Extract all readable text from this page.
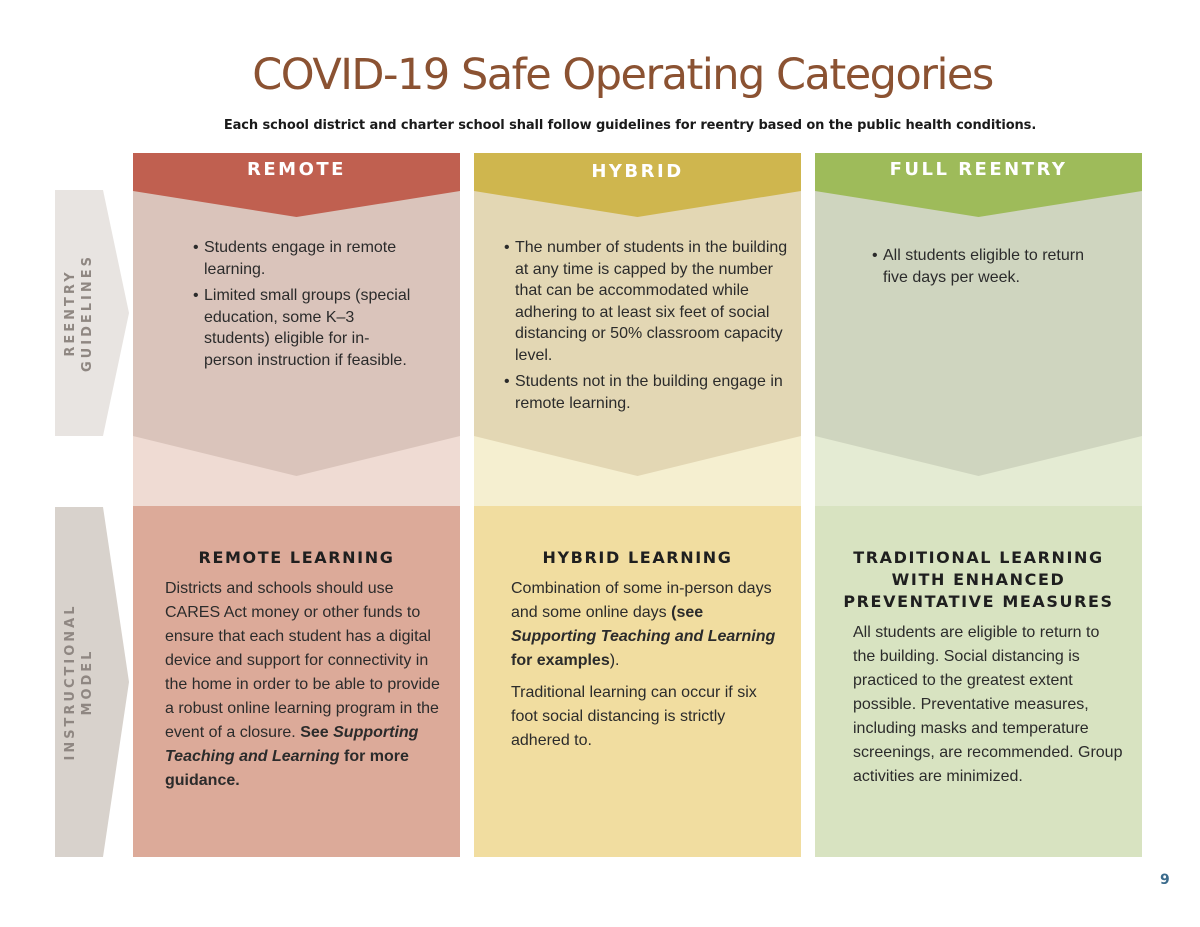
COVID-19 Safe Operating Categories
Each school district and charter school shall follow guidelines for reentry based on the public health conditions.
REENTRY GUIDELINES
INSTRUCTIONAL MODEL
REMOTE
• Students engage in remote learning.
• Limited small groups (special education, some K–3 students) eligible for in-person instruction if feasible.
REMOTE LEARNING

Districts and schools should use CARES Act money or other funds to ensure that each student has a digital device and support for connectivity in the home in order to be able to provide a robust online learning program in the event of a closure. See Supporting Teaching and Learning for more guidance.

HYBRID
• The number of students in the building at any time is capped by the number that can be accommodated while adhering to at least six feet of social distancing or 50% classroom capacity level.
• Students not in the building engage in remote learning.
HYBRID LEARNING

Combination of some in-person days and some online days (see Supporting Teaching and Learning for examples).

Traditional learning can occur if six foot social distancing is strictly adhered to.

FULL REENTRY
• All students eligible to return five days per week.
TRADITIONAL LEARNING
WITH ENHANCED
PREVENTATIVE MEASURES

All students are eligible to return to the building. Social distancing is practiced to the greatest extent possible. Preventative measures, including masks and temperature screenings, are recommended. Group activities are minimized.

9
